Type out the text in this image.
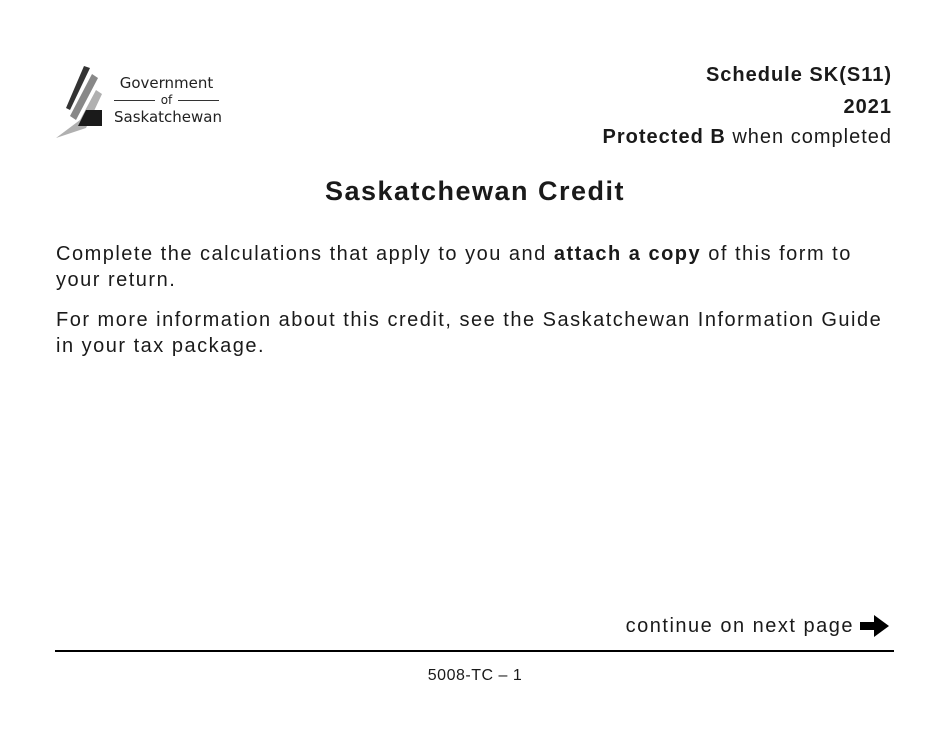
Government
of
Saskatchewan
Schedule SK(S11)
2021
Protected B when completed
Saskatchewan Credit

Complete the calculations that apply to you and attach a copy of this form to your return.

For more information about this credit, see the Saskatchewan Information Guide in your tax package.

continue on next page
5008-TC – 1
